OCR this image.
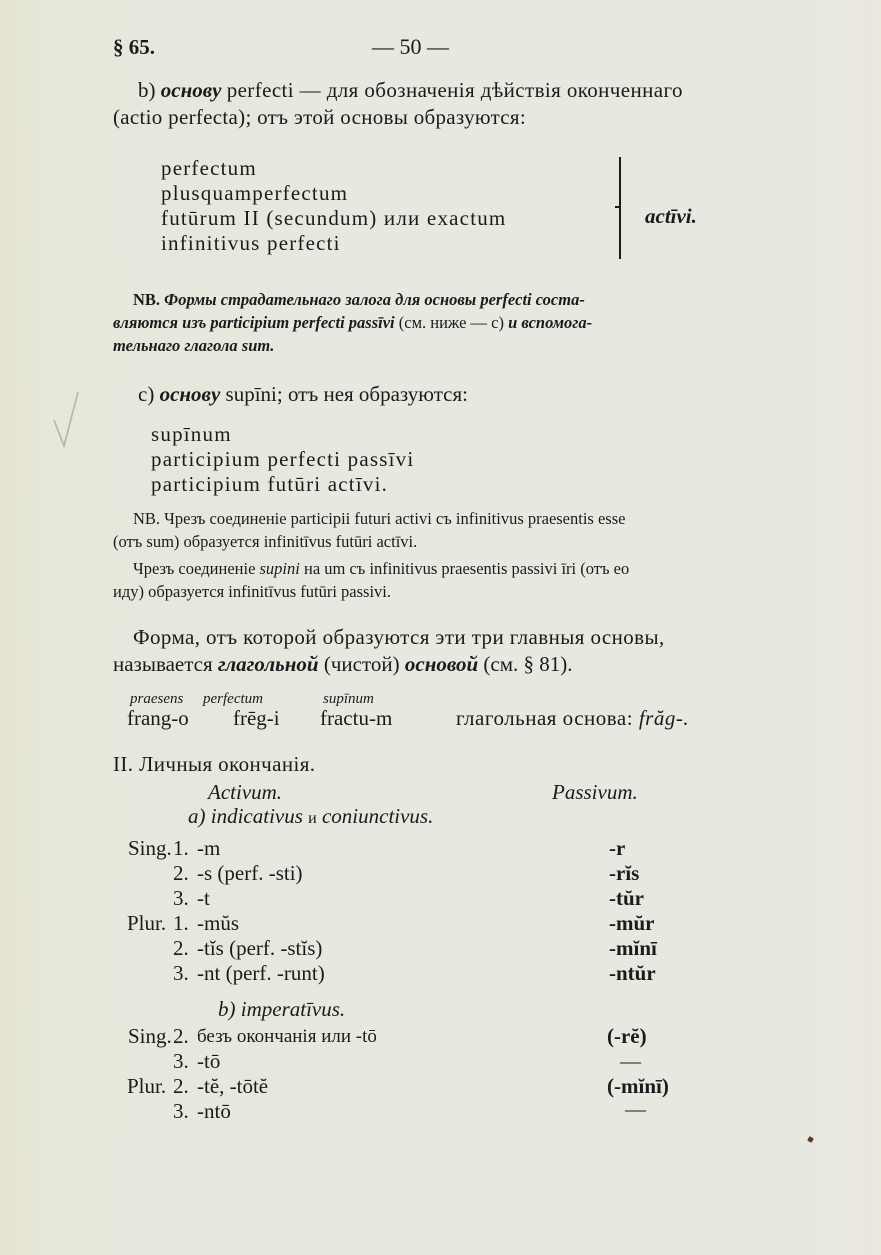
§ 65.	— 50 —
b) основу perfecti — для обозначенія дѣйствія оконченнаго
(actio perfecta); отъ этой основы образуются:
perfectum
plusquamperfectum
futūrum II (secundum) или exactum
infinitivus perfecti
actīvi.
NB. Формы страдательнаго залога для основы perfecti соста-
вляются изъ participium perfecti passīvi (см. ниже — с) и вспомога-
тельнаго глагола sum.
c) основу supīni; отъ нея образуются:
supīnum
participium perfecti passīvi
participium futūri actīvi.
NB. Чрезъ соединеніе participii futuri activi съ infinitivus praesentis esse
(отъ sum) образуется infinitīvus futūri actīvi.
Чрезъ соединеніе supini на um съ infinitivus praesentis passivi īri (отъ eo
иду) образуется infinitīvus futūri passivi.
Форма, отъ которой образуются эти три главныя основы,
называется глагольной (чистой) основой (см. § 81).
praesens perfectum	supīnum
frang-o frēg-i fractu-m	глагольная основа: frăg-.
II. Личныя окончанія.
Activum.	Passivum.
a) indicativus и coniunctivus.
Sing. 1. -m	-r
2. -s (perf. -sti)	-rĭs
3. -t	-tŭr
Plur. 1. -mŭs	-mŭr
2. -tĭs (perf. -stĭs)	-mĭnī
3. -nt (perf. -runt)	-ntŭr
b) imperatīvus.
Sing. 2. безъ окончанія или -tō	(-rĕ)
3. -tō	—
Plur. 2. -tĕ, -tōtĕ	(-mĭnī)
3. -ntō	—
